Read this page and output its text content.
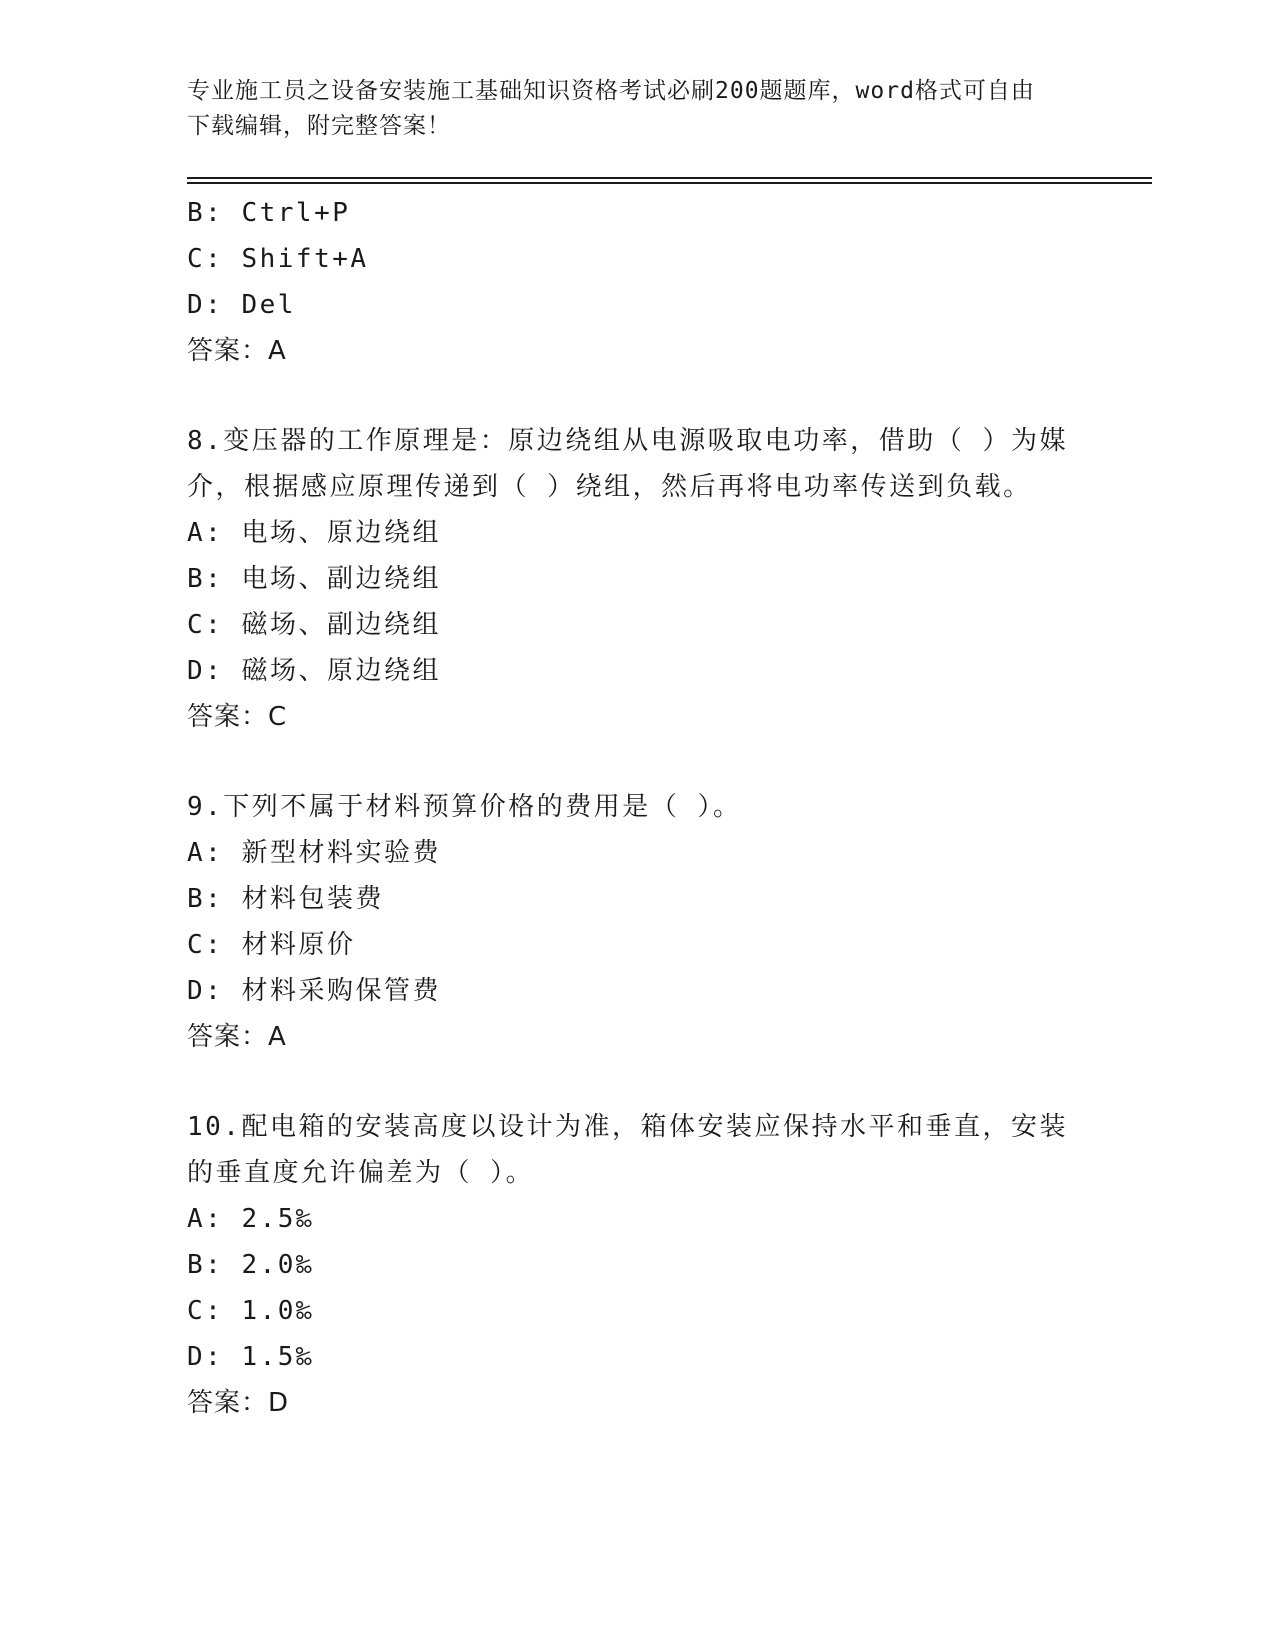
专业施工员之设备安装施工基础知识资格考试必刷200题题库，word格式可自由
下载编辑，附完整答案！
B: Ctrl+P
C: Shift+A
D: Del
答案：A
8.变压器的工作原理是：原边绕组从电源吸取电功率，借助（ ）为媒
介，根据感应原理传递到（ ）绕组，然后再将电功率传送到负载。
A: 电场、原边绕组
B: 电场、副边绕组
C: 磁场、副边绕组
D: 磁场、原边绕组
答案：C
9.下列不属于材料预算价格的费用是（ ）。
A: 新型材料实验费
B: 材料包装费
C: 材料原价
D: 材料采购保管费
答案：A
10.配电箱的安装高度以设计为准，箱体安装应保持水平和垂直，安装
的垂直度允许偏差为（ ）。
A: 2.5‰
B: 2.0‰
C: 1.0‰
D: 1.5‰
答案：D
